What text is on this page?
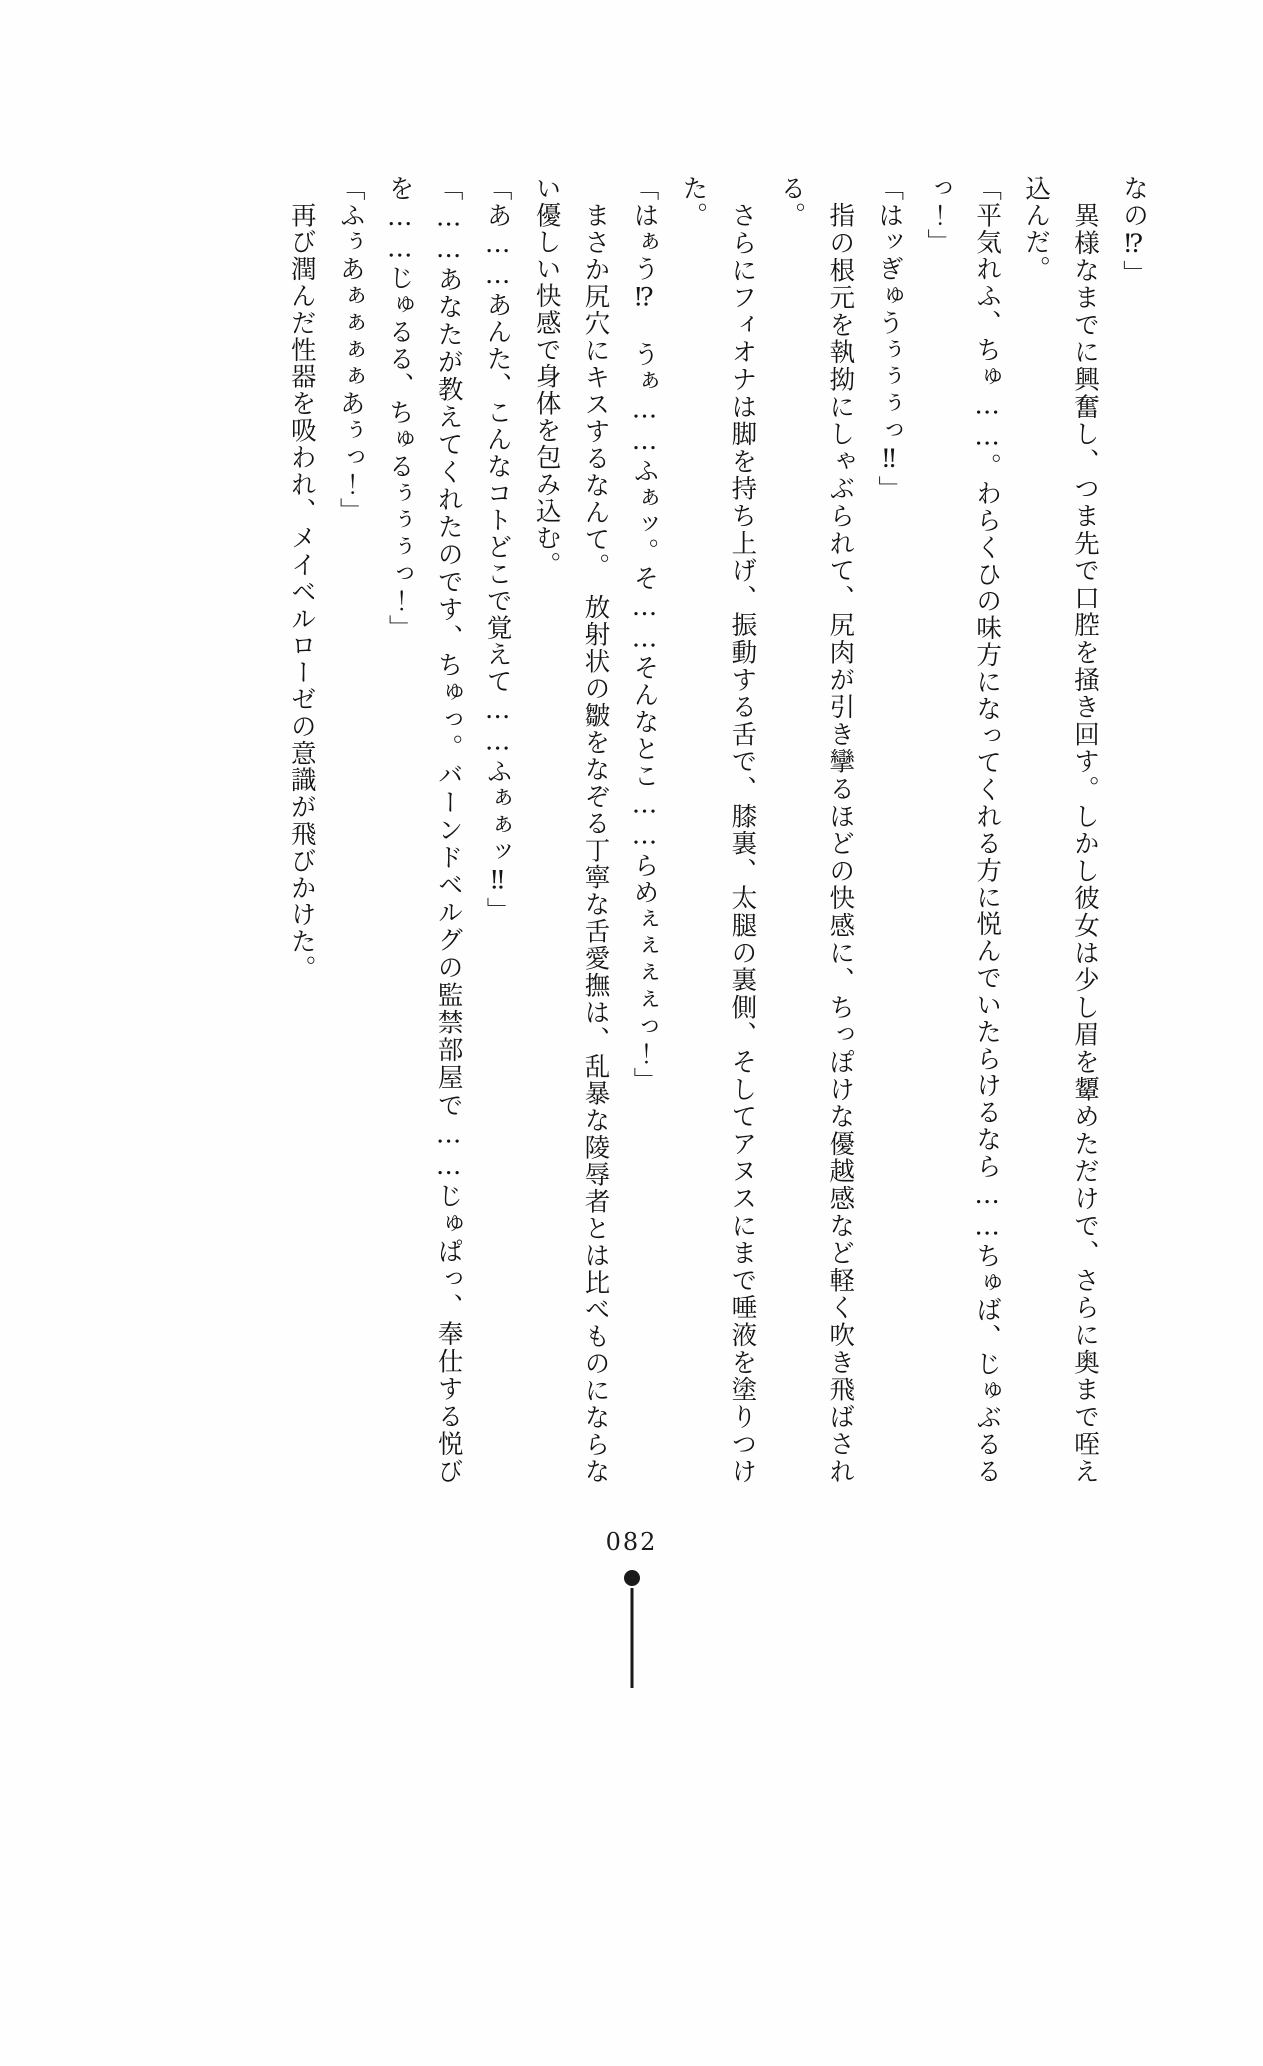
なの⁉」

　異様なまでに興奮し、つま先で口腔を掻き回す。しかし彼女は少し眉を顰めただけで、さらに奥まで咥え込んだ。

「平気れふ、ちゅ……。わらくひの味方になってくれる方に悦んでいたらけるなら……ちゅば、じゅぶるるっ！」

「はッぎゅうぅぅぅっ‼」

　指の根元を執拗にしゃぶられて、尻肉が引き攣るほどの快感に、ちっぽけな優越感など軽く吹き飛ばされる。

　さらにフィオナは脚を持ち上げ、振動する舌で、膝裏、太腿の裏側、そしてアヌスにまで唾液を塗りつけた。

「はぁう⁉　うぁ……ふぁッ。そ……そんなとこ……らめぇぇぇぇっ！」

　まさか尻穴にキスするなんて。　放射状の皺をなぞる丁寧な舌愛撫は、乱暴な陵辱者とは比べものにならない優しい快感で身体を包み込む。

「あ……あんた、こんなコトどこで覚えて……ふぁぁッ‼」

「……あなたが教えてくれたのです、ちゅっ。バーンドベルグの監禁部屋で……じゅぱっ、奉仕する悦びを……じゅるる、ちゅるぅぅぅっ！」

「ふぅあぁぁぁぁあぅっ！」

　再び潤んだ性器を吸われ、メイベルローゼの意識が飛びかけた。

082
